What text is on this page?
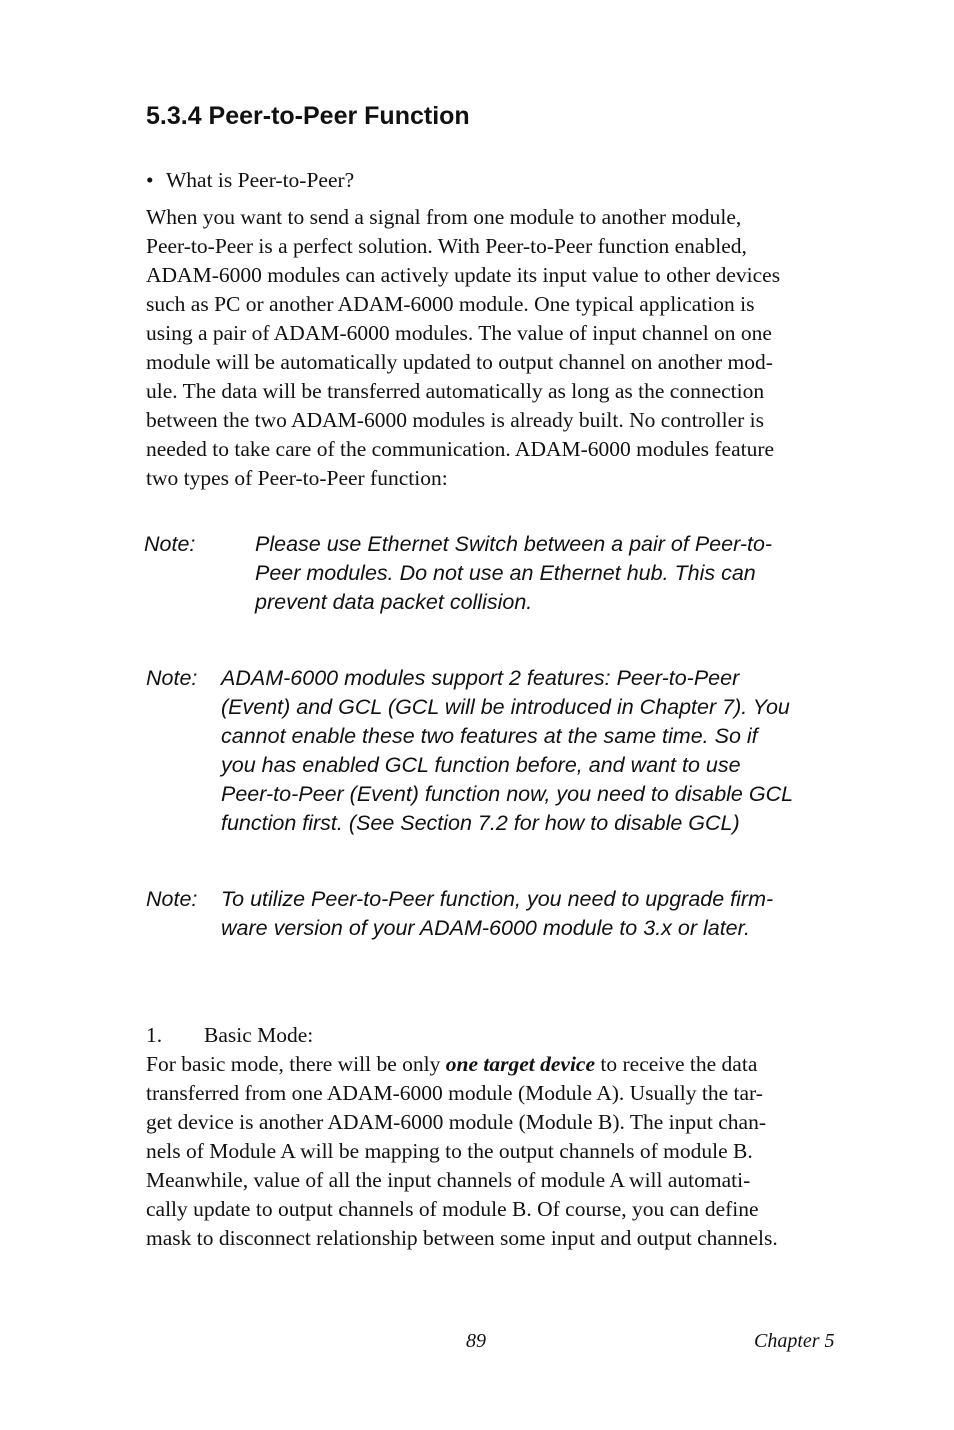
5.3.4 Peer-to-Peer Function
• What is Peer-to-Peer?

When you want to send a signal from one module to another module,
Peer-to-Peer is a perfect solution. With Peer-to-Peer function enabled,
ADAM-6000 modules can actively update its input value to other devices
such as PC or another ADAM-6000 module. One typical application is
using a pair of ADAM-6000 modules. The value of input channel on one
module will be automatically updated to output channel on another mod-
ule. The data will be transferred automatically as long as the connection
between the two ADAM-6000 modules is already built. No controller is
needed to take care of the communication. ADAM-6000 modules feature
two types of Peer-to-Peer function:

Note:	Please use Ethernet Switch between a pair of Peer-to-
Peer modules. Do not use an Ethernet hub. This can
prevent data packet collision.
Note: ADAM-6000 modules support 2 features: Peer-to-Peer
(Event) and GCL (GCL will be introduced in Chapter 7). You
cannot enable these two features at the same time. So if
you has enabled GCL function before, and want to use
Peer-to-Peer (Event) function now, you need to disable GCL
function first. (See Section 7.2 for how to disable GCL)
Note: To utilize Peer-to-Peer function, you need to upgrade firm-
ware version of your ADAM-6000 module to 3.x or later.
1. Basic Mode:

For basic mode, there will be only one target device to receive the data
transferred from one ADAM-6000 module (Module A). Usually the tar-
get device is another ADAM-6000 module (Module B). The input chan-
nels of Module A will be mapping to the output channels of module B.
Meanwhile, value of all the input channels of module A will automati-
cally update to output channels of module B. Of course, you can define
mask to disconnect relationship between some input and output channels.

89	Chapter 5
